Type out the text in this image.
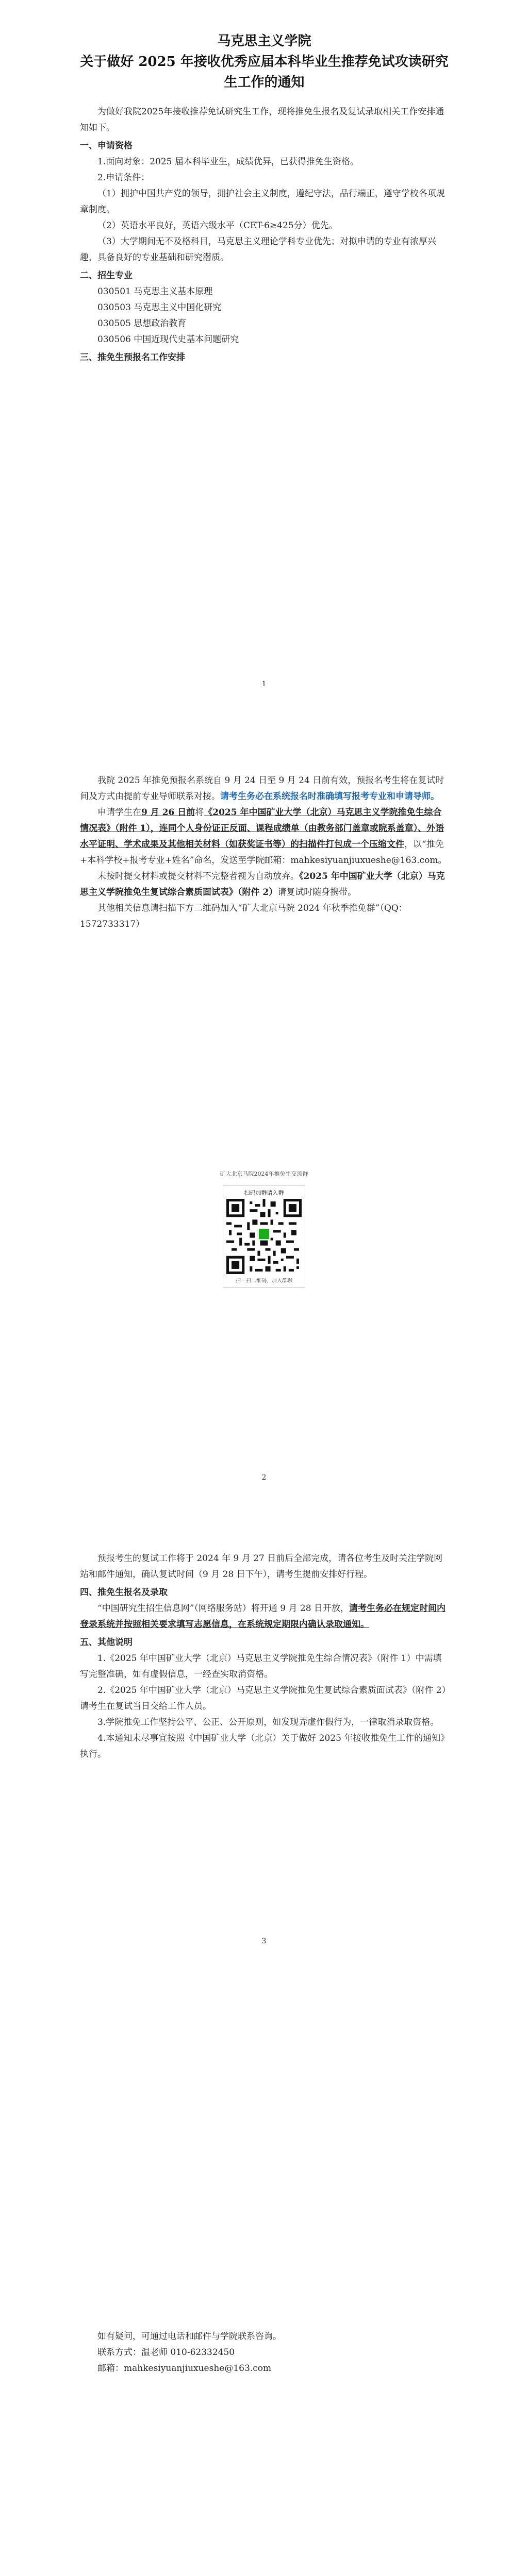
马克思主义学院
关于做好 2025 年接收优秀应届本科毕业生推荐免试攻读研究生工作的通知

为做好我院2025年接收推荐免试研究生工作，现将推免生报名及复试录取相关工作安排通知如下。

一、申请资格

1.面向对象：2025 届本科毕业生，成绩优异，已获得推免生资格。

2.申请条件：

（1）拥护中国共产党的领导，拥护社会主义制度，遵纪守法，品行端正，遵守学校各项规章制度。

（2）英语水平良好，英语六级水平（CET-6≥425分）优先。

（3）大学期间无不及格科目，马克思主义理论学科专业优先；对拟申请的专业有浓厚兴趣，具备良好的专业基础和研究潜质。

二、招生专业

030501 马克思主义基本原理

030503 马克思主义中国化研究

030505 思想政治教育

030506 中国近现代史基本问题研究

三、推免生预报名工作安排

1

我院 2025 年推免预报名系统自 9 月 24 日至 9 月 24 日前有效，预报名考生将在复试时间及方式由提前专业导师联系对接。请考生务必在系统报名时准确填写报考专业和申请导师。

申请学生在9 月 26 日前将《2025 年中国矿业大学（北京）马克思主义学院推免生综合情况表》（附件 1），连同个人身份证正反面、课程成绩单（由教务部门盖章或院系盖章）、外语水平证明、学术成果及其他相关材料（如获奖证书等）的扫描件打包成一个压缩文件，以“推免+本科学校+报考专业+姓名”命名，发送至学院邮箱：mahkesiyuanjiuxueshe@163.com。

未按时提交材料或提交材料不完整者视为自动放弃。《2025 年中国矿业大学（北京）马克思主义学院推免生复试综合素质面试表》（附件 2）请复试时随身携带。

其他相关信息请扫描下方二维码加入“矿大北京马院 2024 年秋季推免群”（QQ：1572733317）

矿大北京马院2024年推免生交流群
扫码加群请入群
扫一扫二维码，加入群聊
2

预报考生的复试工作将于 2024 年 9 月 27 日前后全部完成，请各位考生及时关注学院网站和邮件通知，确认复试时间（9 月 28 日下午），请考生提前安排好行程。

四、推免生报名及录取

“中国研究生招生信息网”（网络服务站）将开通 9 月 28 日开放，请考生务必在规定时间内登录系统并按照相关要求填写志愿信息，在系统规定期限内确认录取通知。

五、其他说明

1.《2025 年中国矿业大学（北京）马克思主义学院推免生综合情况表》（附件 1）中需填写完整准确，如有虚假信息，一经查实取消资格。

2.《2025 年中国矿业大学（北京）马克思主义学院推免生复试综合素质面试表》（附件 2）请考生在复试当日交给工作人员。

3.学院推免工作坚持公平、公正、公开原则，如发现弄虚作假行为，一律取消录取资格。

4.本通知未尽事宜按照《中国矿业大学（北京）关于做好 2025 年接收推免生工作的通知》执行。

3

如有疑问，可通过电话和邮件与学院联系咨询。

联系方式：温老师 010-62332450

邮箱：mahkesiyuanjiuxueshe@163.com
